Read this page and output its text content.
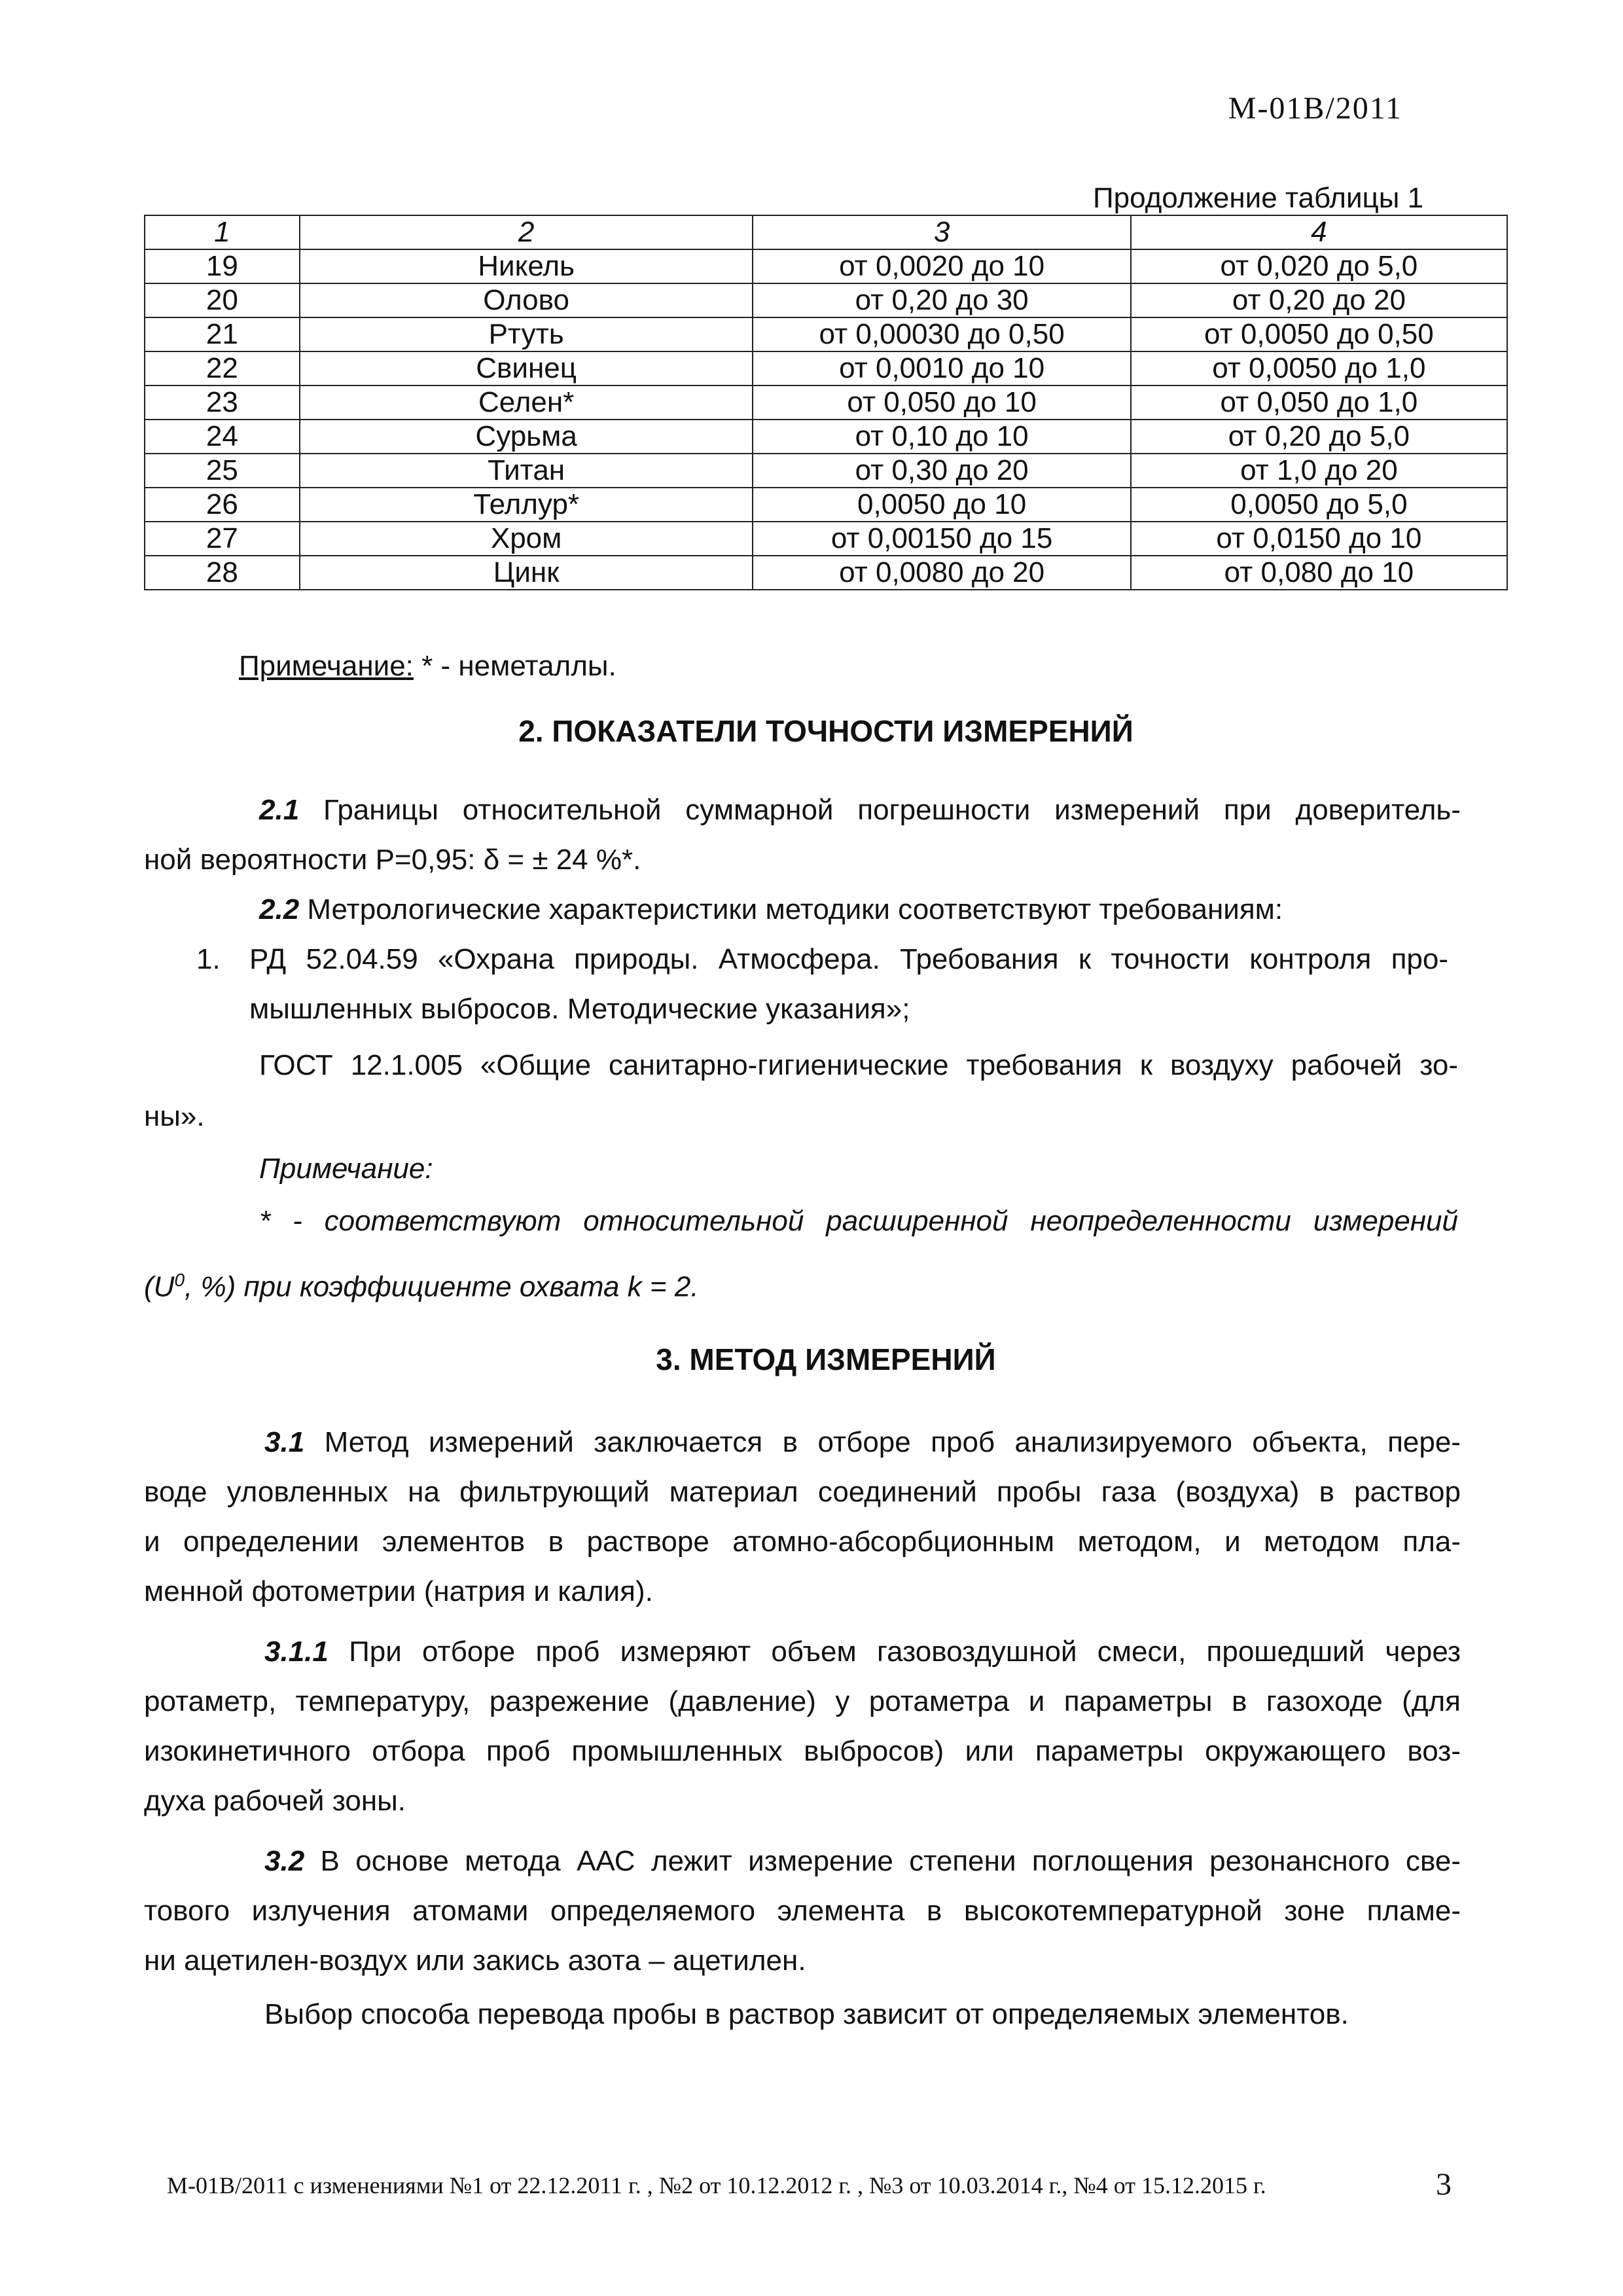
М-01В/2011
Продолжение таблицы 1
1	2	3	4
19	Никель	от 0,0020 до 10	от 0,020 до 5,0
20	Олово	от 0,20 до 30	от 0,20 до 20
21	Ртуть	от 0,00030 до 0,50	от 0,0050 до 0,50
22	Свинец	от 0,0010 до 10	от 0,0050 до 1,0
23	Селен*	от 0,050 до 10	от 0,050 до 1,0
24	Сурьма	от 0,10 до 10	от 0,20 до 5,0
25	Титан	от 0,30 до 20	от 1,0 до 20
26	Теллур*	0,0050 до 10	0,0050 до 5,0
27	Хром	от 0,00150 до 15	от 0,0150 до 10
28	Цинк	от 0,0080 до 20	от 0,080 до 10
Примечание: * - неметаллы.
2. ПОКАЗАТЕЛИ ТОЧНОСТИ ИЗМЕРЕНИЙ
2.1 Границы относительной суммарной погрешности измерений при доверитель-
ной вероятности Р=0,95: δ = ± 24 %*.
2.2 Метрологические характеристики методики соответствуют требованиям:
1. РД 52.04.59 «Охрана природы. Атмосфера. Требования к точности контроля про-
мышленных выбросов. Методические указания»;
ГОСТ 12.1.005 «Общие санитарно-гигиенические требования к воздуху рабочей зо-
ны».
Примечание:
* - соответствуют относительной расширенной неопределенности измерений
($U^0$, %) при коэффициенте охвата k = 2.
3. МЕТОД ИЗМЕРЕНИЙ
3.1 Метод измерений заключается в отборе проб анализируемого объекта, пере-
воде уловленных на фильтрующий материал соединений пробы газа (воздуха) в раствор
и определении элементов в растворе атомно-абсорбционным методом, и методом пла-
менной фотометрии (натрия и калия).
3.1.1 При отборе проб измеряют объем газовоздушной смеси, прошедший через
ротаметр, температуру, разрежение (давление) у ротаметра и параметры в газоходе (для
изокинетичного отбора проб промышленных выбросов) или параметры окружающего воз-
духа рабочей зоны.
3.2 В основе метода ААС лежит измерение степени поглощения резонансного све-
тового излучения атомами определяемого элемента в высокотемпературной зоне пламе-
ни ацетилен-воздух или закись азота – ацетилен.
Выбор способа перевода пробы в раствор зависит от определяемых элементов.
М-01В/2011 с изменениями №1 от 22.12.2011 г. , №2 от 10.12.2012 г. , №3 от 10.03.2014 г., №4 от 15.12.2015 г.	3
